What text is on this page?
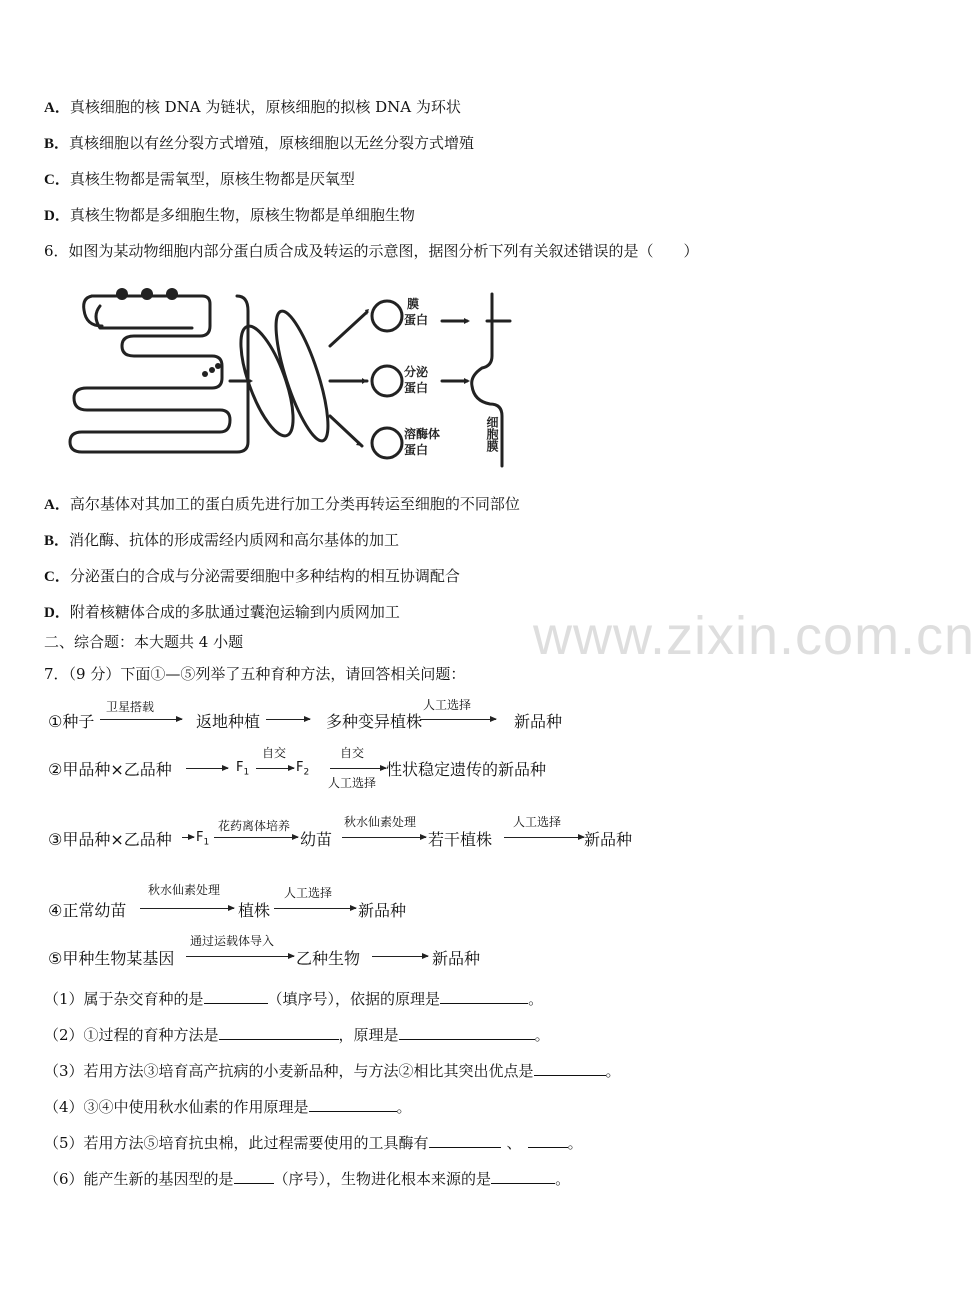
A．真核细胞的核 DNA 为链状，原核细胞的拟核 DNA 为环状
B．真核细胞以有丝分裂方式增殖，原核细胞以无丝分裂方式增殖
C．真核生物都是需氧型，原核生物都是厌氧型
D．真核生物都是多细胞生物，原核生物都是单细胞生物
6．如图为某动物细胞内部分蛋白质合成及转运的示意图，据图分析下列有关叙述错误的是（　　）
膜
蛋白
分泌
蛋白
溶酶体
蛋白	细胞膜
A．高尔基体对其加工的蛋白质先进行加工分类再转运至细胞的不同部位
B．消化酶、抗体的形成需经内质网和高尔基体的加工
C．分泌蛋白的合成与分泌需要细胞中多种结构的相互协调配合
D．附着核糖体合成的多肽通过囊泡运输到内质网加工 www.zixin.com.cn
二、综合题：本大题共 4 小题
7．（9 分）下面①—⑤列举了五种育种方法，请回答相关问题：
①种子
卫星搭载
返地种植	多种变异植株
人工选择
新品种
②甲品种×乙品种	$F_1$
自交
$F_2$
自交
人工选择
性状稳定遗传的新品种
③甲品种×乙品种 $F_1$
花药离体培养
幼苗
秋水仙素处理
若干植株
人工选择
新品种
④正常幼苗
秋水仙素处理
植株
人工选择
新品种
⑤甲种生物某基因
通过运载体导入
乙种生物	新品种
（1）属于杂交育种的是	（填序号），依据的原理是	。
（2）①过程的育种方法是	，原理是	。
（3）若用方法③培育高产抗病的小麦新品种，与方法②相比其突出优点是	。
（4）③④中使用秋水仙素的作用原理是	。
（5）若用方法⑤培育抗虫棉，此过程需要使用的工具酶有	、	。
（6）能产生新的基因型的是	（序号），生物进化根本来源的是	。
